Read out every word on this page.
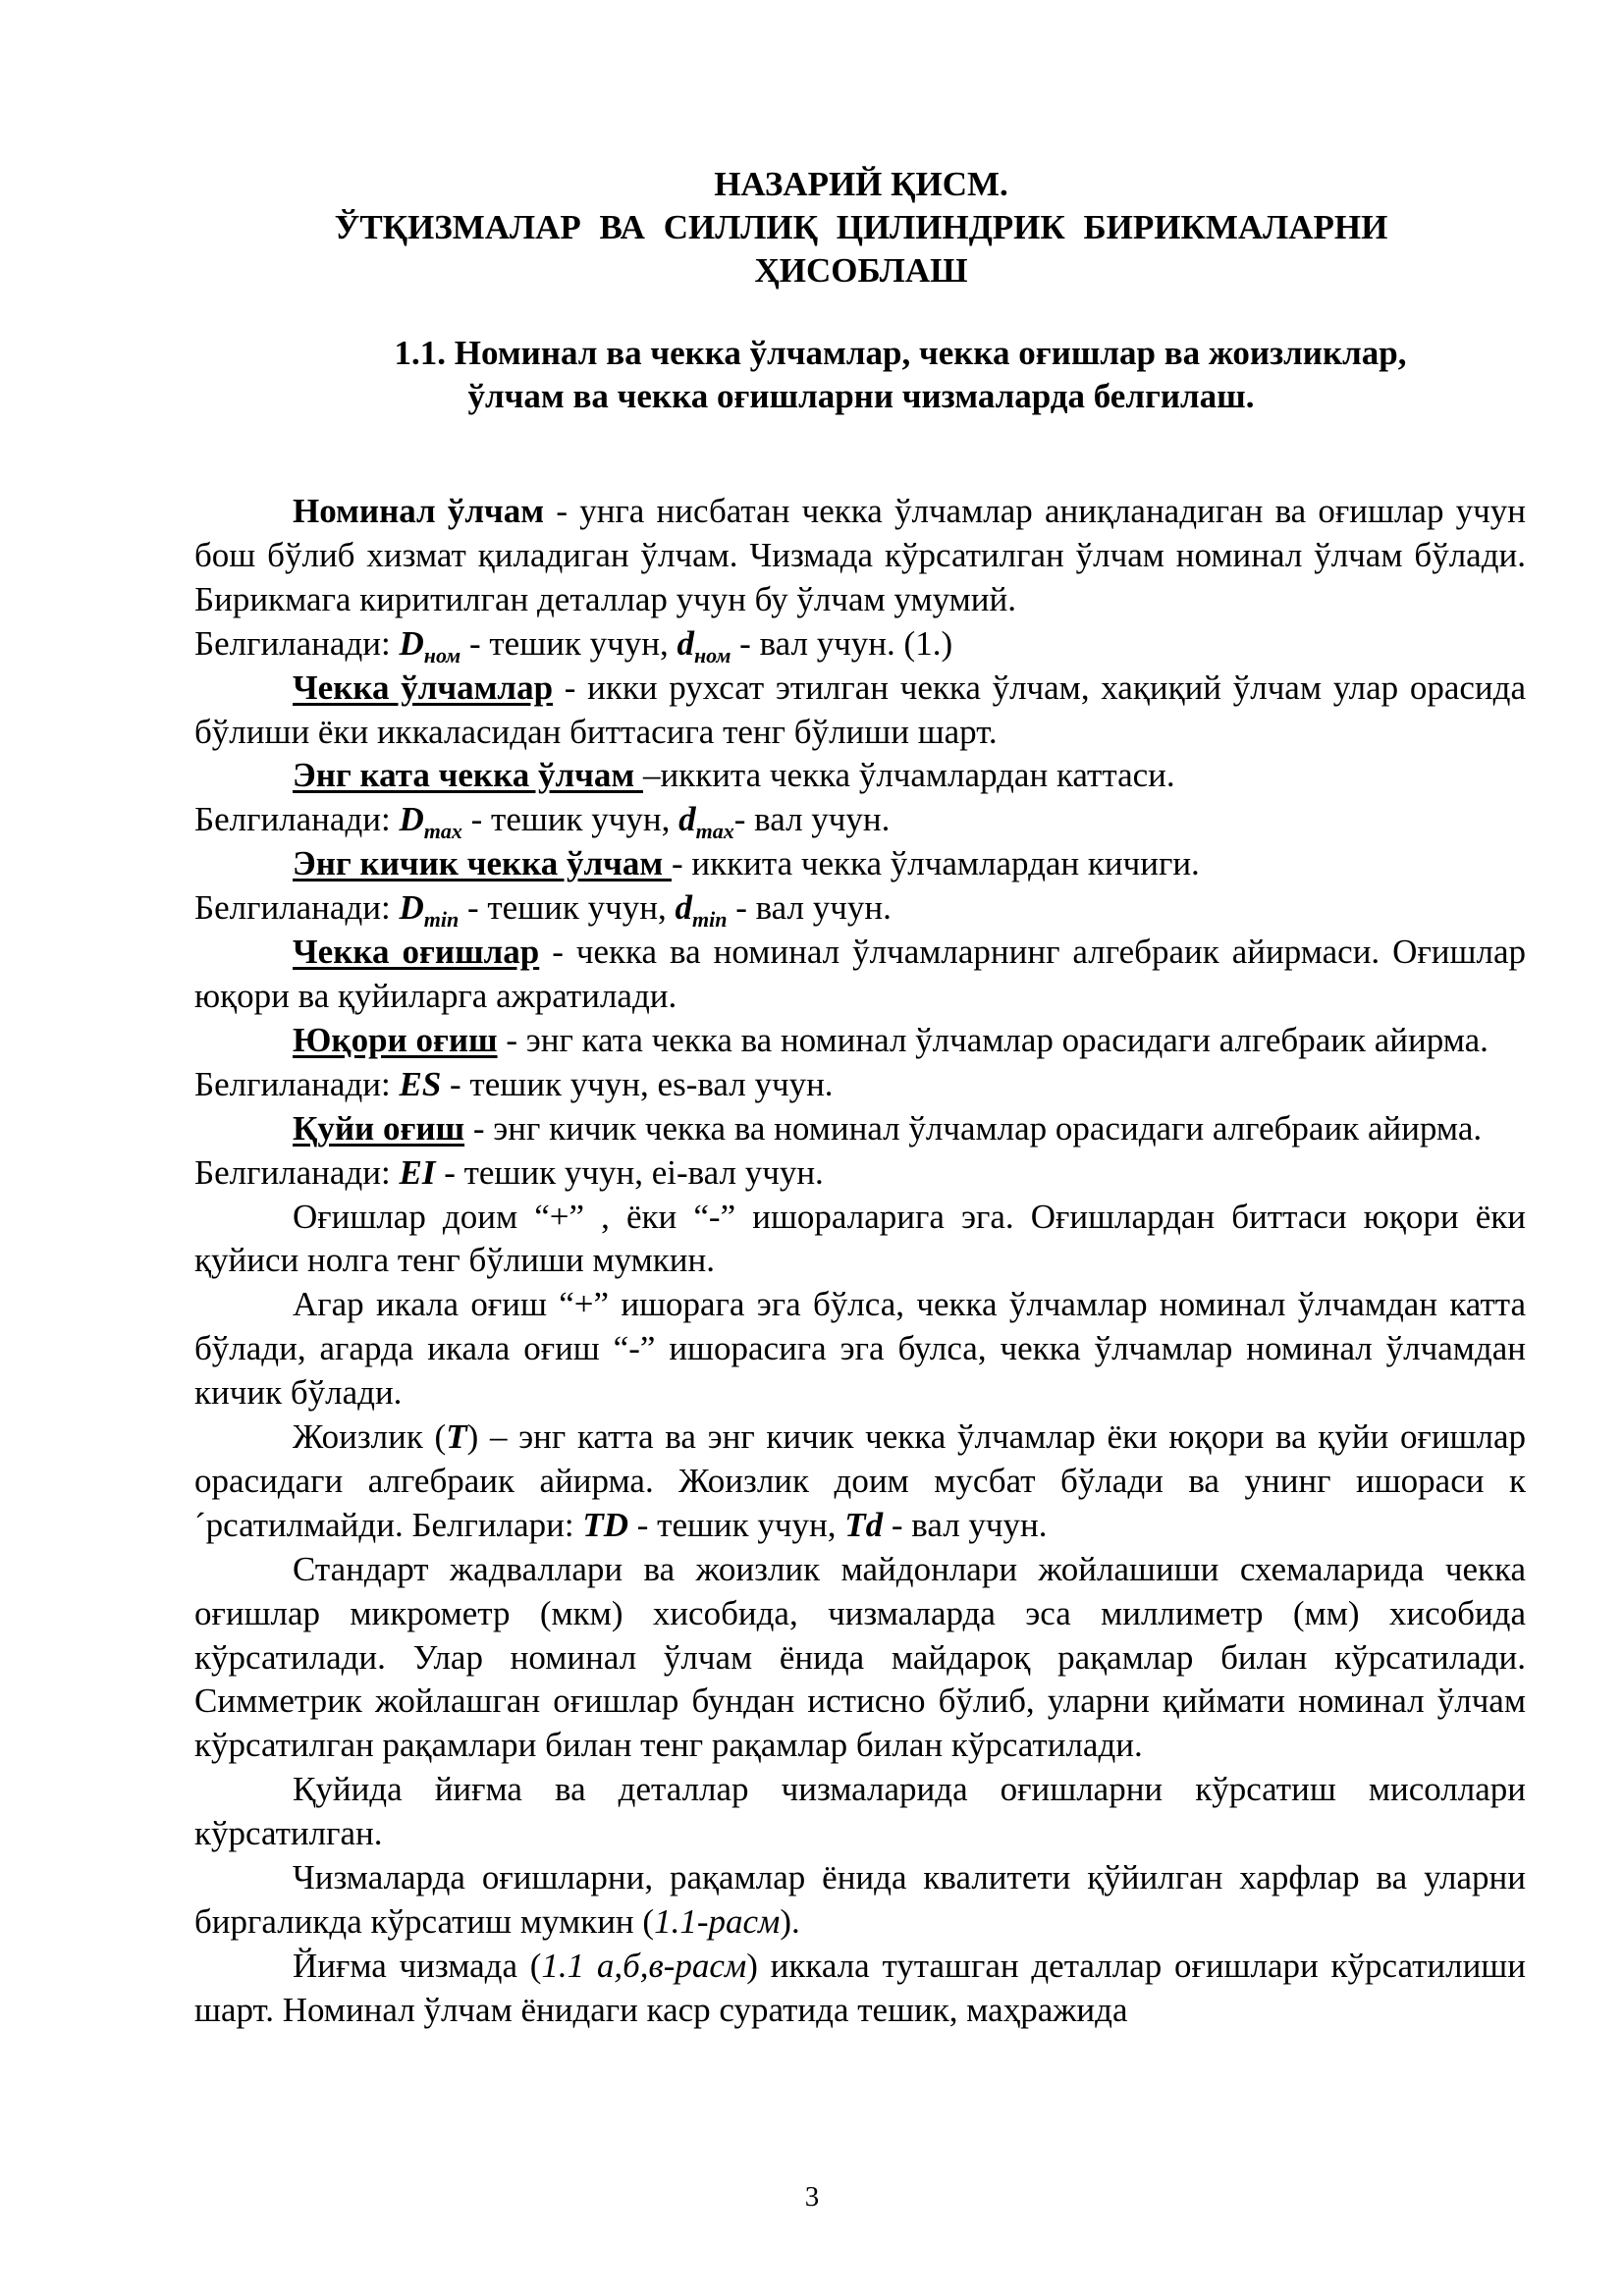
НАЗАРИЙ ҚИСМ.
ЎТҚИЗМАЛАР ВА СИЛЛИҚ ЦИЛИНДРИК БИРИКМАЛАРНИ
ҲИСОБЛАШ
1.1. Номинал ва чекка ўлчамлар, чекка оғишлар ва жоизликлар,
ўлчам ва чекка оғишларни чизмаларда белгилаш.

Номинал ўлчам - унга нисбатан чекка ўлчамлар аниқланадиган ва оғишлар учун бош бўлиб хизмат қиладиган ўлчам. Чизмада кўрсатилган ўлчам номинал ўлчам бўлади. Бирикмага киритилган деталлар учун бу ўлчам умумий.

Белгиланади: $D_{ном}$ - тешик учун, $d_{ном}$ - вал учун. (1.)

Чекка ўлчамлар - икки рухсат этилган чекка ўлчам, хақиқий ўлчам улар орасида бўлиши ёки иккаласидан биттасига тенг бўлиши шарт.

Энг ката чекка ўлчам –иккита чекка ўлчамлардан каттаси.

Белгиланади: $D_{max}$ - тешик учун, $d_{max}-$ вал учун.

Энг кичик чекка ўлчам - иккита чекка ўлчамлардан кичиги.

Белгиланади: $D_{min}$ - тешик учун, $d_{min}$ - вал учун.

Чекка оғишлар - чекка ва номинал ўлчамларнинг алгебраик айирмаси. Оғишлар юқори ва қуйиларга ажратилади.

Юқори оғиш - энг ката чекка ва номинал ўлчамлар орасидаги алгебраик айирма.

Белгиланади: ES - тешик учун, es-вал учун.

Қуйи оғиш - энг кичик чекка ва номинал ўлчамлар орасидаги алгебраик айирма.

Белгиланади: EI - тешик учун, ei-вал учун.

Оғишлар доим “+” , ёки “-” ишораларига эга. Оғишлардан биттаси юқори ёки қуйиси нолга тенг бўлиши мумкин.

Агар икала оғиш “+” ишорага эга бўлса, чекка ўлчамлар номинал ўлчамдан катта бўлади, агарда икала оғиш “-” ишорасига эга булса, чекка ўлчамлар номинал ўлчамдан кичик бўлади.

Жоизлик (T) – энг катта ва энг кичик чекка ўлчамлар ёки юқори ва қуйи оғишлар орасидаги алгебраик айирма. Жоизлик доим мусбат бўлади ва унинг ишораси к´рсатилмайди. Белгилари: TD - тешик учун, Td - вал учун.

Стандарт жадваллари ва жоизлик майдонлари жойлашиши схемаларида чекка оғишлар микрометр (мкм) хисобида, чизмаларда эса миллиметр (мм) хисобида кўрсатилади. Улар номинал ўлчам ёнида майдароқ рақамлар билан кўрсатилади. Симметрик жойлашган оғишлар бундан истисно бўлиб, уларни қиймати номинал ўлчам кўрсатилган рақамлари билан тенг рақамлар билан кўрсатилади.

Қуйида йиғма ва деталлар чизмаларида оғишларни кўрсатиш мисоллари кўрсатилган.

Чизмаларда оғишларни, рақамлар ёнида квалитети қўйилган харфлар ва уларни биргаликда кўрсатиш мумкин (1.1-расм).

Йиғма чизмада (1.1 а,б,в-расм) иккала туташган деталлар оғишлари кўрсатилиши шарт. Номинал ўлчам ёнидаги каср суратида тешик, маҳражида

3
